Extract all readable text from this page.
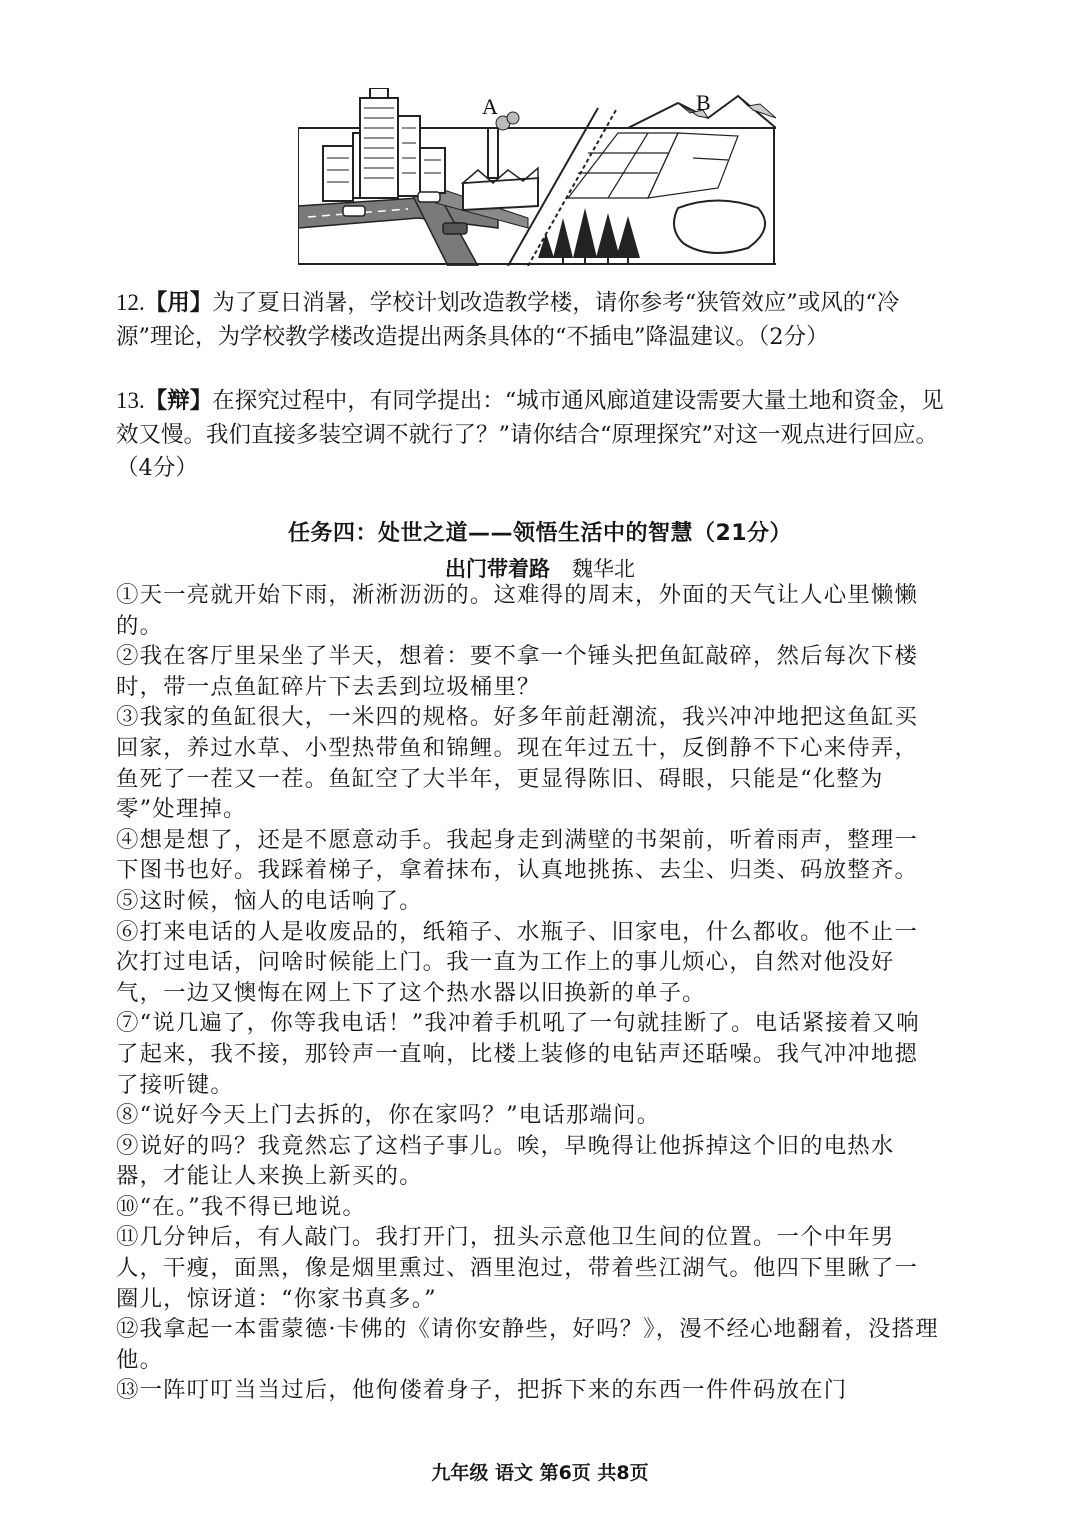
A	B
12.【用】为了夏日消暑，学校计划改造教学楼，请你参考“狭管效应”或风的“冷源”理论，为学校教学楼改造提出两条具体的“不插电”降温建议。（2分）
13.【辩】在探究过程中，有同学提出：“城市通风廊道建设需要大量土地和资金，见效又慢。我们直接多装空调不就行了？”请你结合“原理探究”对这一观点进行回应。（4分）
任务四：处世之道——领悟生活中的智慧（21分）
出门带着路 魏华北

①天一亮就开始下雨，淅淅沥沥的。这难得的周末，外面的天气让人心里懒懒的。

②我在客厅里呆坐了半天，想着：要不拿一个锤头把鱼缸敲碎，然后每次下楼时，带一点鱼缸碎片下去丢到垃圾桶里？

③我家的鱼缸很大，一米四的规格。好多年前赶潮流，我兴冲冲地把这鱼缸买回家，养过水草、小型热带鱼和锦鲤。现在年过五十，反倒静不下心来侍弄，鱼死了一茬又一茬。鱼缸空了大半年，更显得陈旧、碍眼，只能是“化整为零”处理掉。

④想是想了，还是不愿意动手。我起身走到满壁的书架前，听着雨声，整理一下图书也好。我踩着梯子，拿着抹布，认真地挑拣、去尘、归类、码放整齐。

⑤这时候，恼人的电话响了。

⑥打来电话的人是收废品的，纸箱子、水瓶子、旧家电，什么都收。他不止一次打过电话，问啥时候能上门。我一直为工作上的事儿烦心，自然对他没好气，一边又懊悔在网上下了这个热水器以旧换新的单子。

⑦“说几遍了，你等我电话！”我冲着手机吼了一句就挂断了。电话紧接着又响了起来，我不接，那铃声一直响，比楼上装修的电钻声还聒噪。我气冲冲地摁了接听键。

⑧“说好今天上门去拆的，你在家吗？”电话那端问。

⑨说好的吗？我竟然忘了这档子事儿。唉，早晚得让他拆掉这个旧的电热水器，才能让人来换上新买的。

⑩“在。”我不得已地说。

⑪几分钟后，有人敲门。我打开门，扭头示意他卫生间的位置。一个中年男人，干瘦，面黑，像是烟里熏过、酒里泡过，带着些江湖气。他四下里瞅了一圈儿，惊讶道：“你家书真多。”

⑫我拿起一本雷蒙德·卡佛的《请你安静些，好吗？》，漫不经心地翻着，没搭理他。

⑬一阵叮叮当当过后，他佝偻着身子，把拆下来的东西一件件码放在门

九年级 语文 第6页 共8页
